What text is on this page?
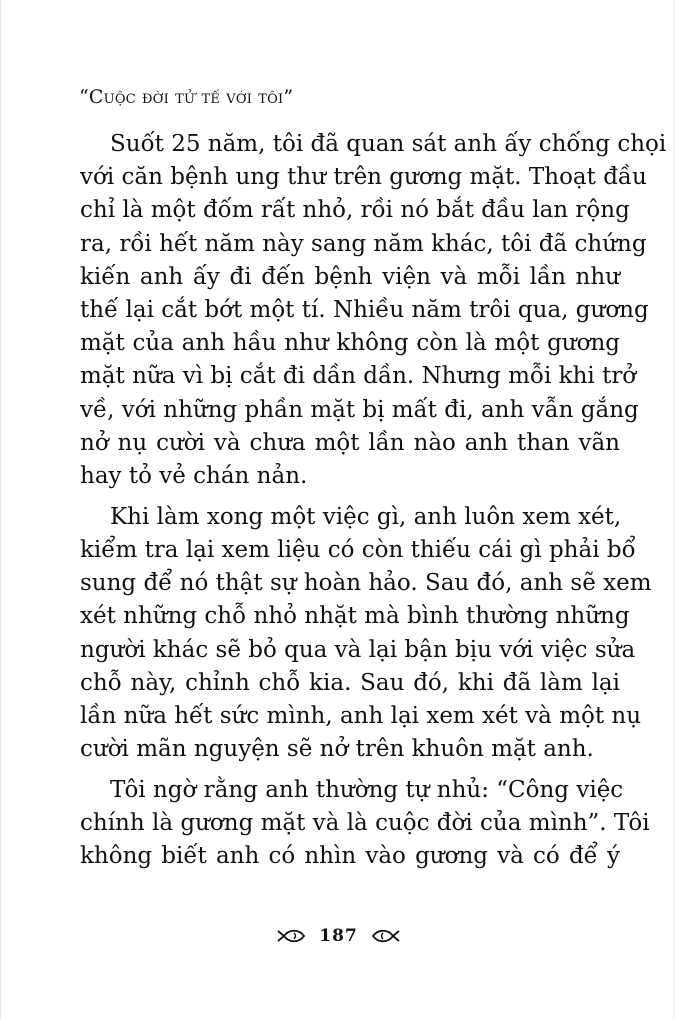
“Cuộc đời tử tế với tôi”
Suốt 25 năm, tôi đã quan sát anh ấy chống chọi
với căn bệnh ung thư trên gương mặt. Thoạt đầu
chỉ là một đốm rất nhỏ, rồi nó bắt đầu lan rộng
ra, rồi hết năm này sang năm khác, tôi đã chứng
kiến anh ấy đi đến bệnh viện và mỗi lần như
thế lại cắt bớt một tí. Nhiều năm trôi qua, gương
mặt của anh hầu như không còn là một gương
mặt nữa vì bị cắt đi dần dần. Nhưng mỗi khi trở
về, với những phần mặt bị mất đi, anh vẫn gắng
nở nụ cười và chưa một lần nào anh than vãn
hay tỏ vẻ chán nản.
Khi làm xong một việc gì, anh luôn xem xét,
kiểm tra lại xem liệu có còn thiếu cái gì phải bổ
sung để nó thật sự hoàn hảo. Sau đó, anh sẽ xem
xét những chỗ nhỏ nhặt mà bình thường những
người khác sẽ bỏ qua và lại bận bịu với việc sửa
chỗ này, chỉnh chỗ kia. Sau đó, khi đã làm lại
lần nữa hết sức mình, anh lại xem xét và một nụ
cười mãn nguyện sẽ nở trên khuôn mặt anh.
Tôi ngờ rằng anh thường tự nhủ: “Công việc
chính là gương mặt và là cuộc đời của mình”. Tôi
không biết anh có nhìn vào gương và có để ý
187
